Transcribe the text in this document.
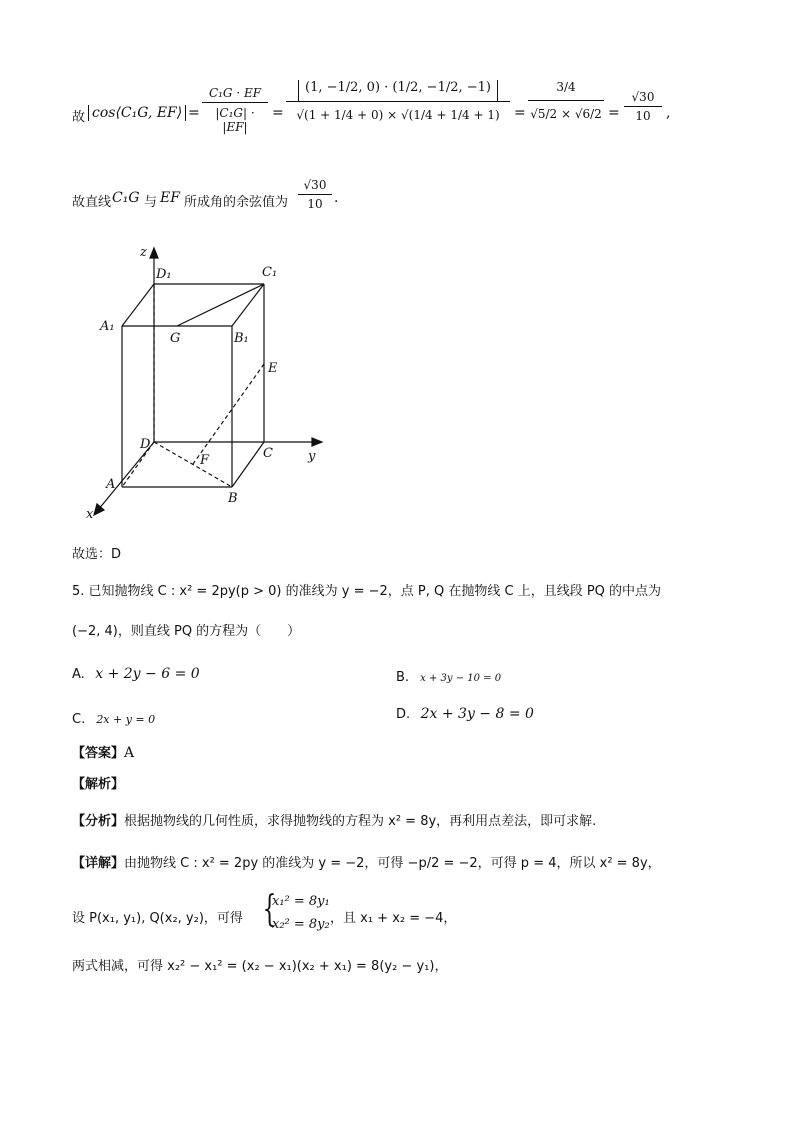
故 cos⟨C₁G, EF⟩ =
C₁G · EF
|C₁G| · |EF|
=
(1, −1/2, 0) · (1/2, −1/2, −1)
√(1 + 1/4 + 0) × √(1/4 + 1/4 + 1)	=
3/4
√5/2 × √6/2 =
√30
10	,
故直线 C₁G 与 EF 所成角的余弦值为
√30
10 .
z
D₁	C₁
A₁
G	B₁
E
D
C	y
F
A
B
x
故选：D
5. 已知抛物线 C : x² = 2py(p > 0) 的准线为 y = −2，点 P, Q 在抛物线 C 上，且线段 PQ 的中点为
(−2, 4)，则直线 PQ 的方程为（　　）
A. x + 2y − 6 = 0	B. x + 3y − 10 = 0
C. 2x + y = 0	D. 2x + 3y − 8 = 0
【答案】A
【解析】
【分析】根据抛物线的几何性质，求得抛物线的方程为 x² = 8y，再利用点差法，即可求解.
【详解】由抛物线 C : x² = 2py 的准线为 y = −2，可得 −p/2 = −2，可得 p = 4，所以 x² = 8y，
设 P(x₁, y₁), Q(x₂, y₂)，可得 {
x₁² = 8y₁
x₂² = 8y₂ ，且 x₁ + x₂ = −4，
两式相减，可得 x₂² − x₁² = (x₂ − x₁)(x₂ + x₁) = 8(y₂ − y₁)，
